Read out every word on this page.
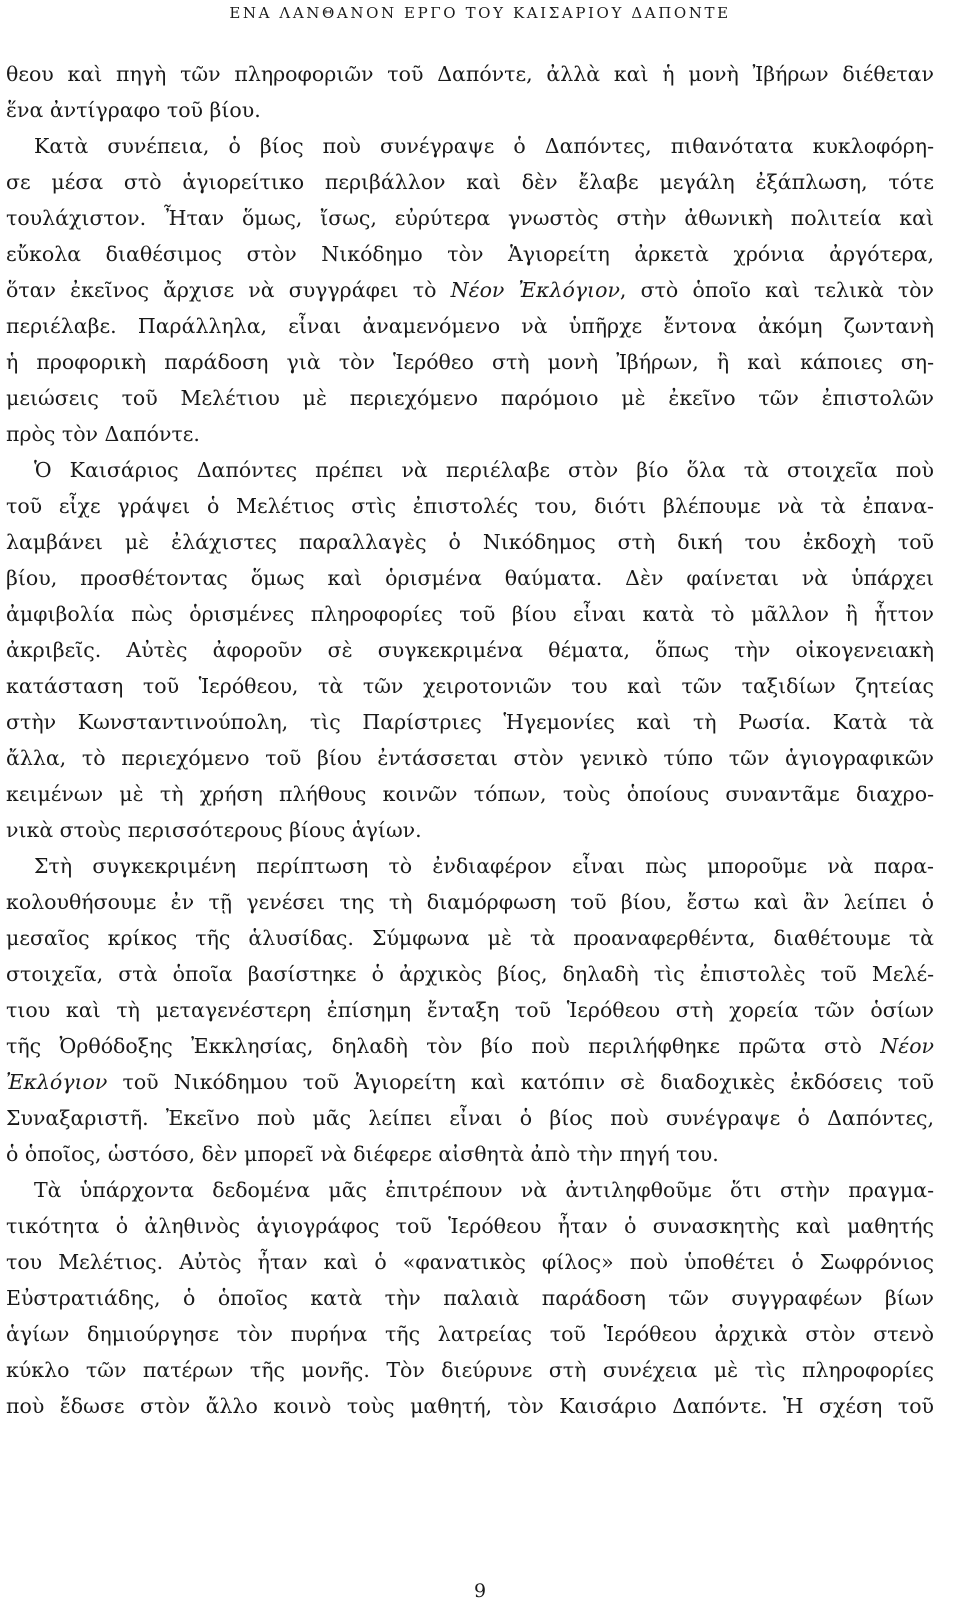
ΕΝΑ ΛΑΝΘΑΝΟΝ ΕΡΓΟ ΤΟΥ ΚΑΙΣΑΡΙΟΥ ΔΑΠΟΝΤΕ
θεου καὶ πηγὴ τῶν πληροφοριῶν τοῦ Δαπόντε, ἀλλὰ καὶ ἡ μονὴ Ἰβήρων διέθεταν
ἕνα ἀντίγραφο τοῦ βίου.
Κατὰ συνέπεια, ὁ βίος ποὺ συνέγραψε ὁ Δαπόντες, πιθανότατα κυκλοφόρη-
σε μέσα στὸ ἁγιορείτικο περιβάλλον καὶ δὲν ἔλαβε μεγάλη ἐξάπλωση, τότε
τουλάχιστον. Ἦταν ὅμως, ἴσως, εὐρύτερα γνωστὸς στὴν ἀθωνικὴ πολιτεία καὶ
εὔκολα διαθέσιμος στὸν Νικόδημο τὸν Ἁγιορείτη ἀρκετὰ χρόνια ἀργότερα,
ὅταν ἐκεῖνος ἄρχισε νὰ συγγράφει τὸ Νέον Ἐκλόγιον, στὸ ὁποῖο καὶ τελικὰ τὸν
περιέλαβε. Παράλληλα, εἶναι ἀναμενόμενο νὰ ὑπῆρχε ἔντονα ἀκόμη ζωντανὴ
ἡ προφορικὴ παράδοση γιὰ τὸν Ἱερόθεο στὴ μονὴ Ἰβήρων, ἢ καὶ κάποιες ση-
μειώσεις τοῦ Μελέτιου μὲ περιεχόμενο παρόμοιο μὲ ἐκεῖνο τῶν ἐπιστολῶν
πρὸς τὸν Δαπόντε.
Ὁ Καισάριος Δαπόντες πρέπει νὰ περιέλαβε στὸν βίο ὅλα τὰ στοιχεῖα ποὺ
τοῦ εἶχε γράψει ὁ Μελέτιος στὶς ἐπιστολές του, διότι βλέπουμε νὰ τὰ ἐπανα-
λαμβάνει μὲ ἐλάχιστες παραλλαγὲς ὁ Νικόδημος στὴ δική του ἐκδοχὴ τοῦ
βίου, προσθέτοντας ὅμως καὶ ὁρισμένα θαύματα. Δὲν φαίνεται νὰ ὑπάρχει
ἀμφιβολία πὼς ὁρισμένες πληροφορίες τοῦ βίου εἶναι κατὰ τὸ μᾶλλον ἢ ἧττον
ἀκριβεῖς. Αὐτὲς ἀφοροῦν σὲ συγκεκριμένα θέματα, ὅπως τὴν οἰκογενειακὴ
κατάσταση τοῦ Ἱερόθεου, τὰ τῶν χειροτονιῶν του καὶ τῶν ταξιδίων ζητείας
στὴν Κωνσταντινούπολη, τὶς Παρίστριες Ἡγεμονίες καὶ τὴ Ρωσία. Κατὰ τὰ
ἄλλα, τὸ περιεχόμενο τοῦ βίου ἐντάσσεται στὸν γενικὸ τύπο τῶν ἁγιογραφικῶν
κειμένων μὲ τὴ χρήση πλήθους κοινῶν τόπων, τοὺς ὁποίους συναντᾶμε διαχρο-
νικὰ στοὺς περισσότερους βίους ἁγίων.
Στὴ συγκεκριμένη περίπτωση τὸ ἐνδιαφέρον εἶναι πὼς μποροῦμε νὰ παρα-
κολουθήσουμε ἐν τῇ γενέσει της τὴ διαμόρφωση τοῦ βίου, ἔστω καὶ ἂν λείπει ὁ
μεσαῖος κρίκος τῆς ἁλυσίδας. Σύμφωνα μὲ τὰ προαναφερθέντα, διαθέτουμε τὰ
στοιχεῖα, στὰ ὁποῖα βασίστηκε ὁ ἀρχικὸς βίος, δηλαδὴ τὶς ἐπιστολὲς τοῦ Μελέ-
τιου καὶ τὴ μεταγενέστερη ἐπίσημη ἔνταξη τοῦ Ἱερόθεου στὴ χορεία τῶν ὁσίων
τῆς Ὀρθόδοξης Ἐκκλησίας, δηλαδὴ τὸν βίο ποὺ περιλήφθηκε πρῶτα στὸ Νέον
Ἐκλόγιον τοῦ Νικόδημου τοῦ Ἁγιορείτη καὶ κατόπιν σὲ διαδοχικὲς ἐκδόσεις τοῦ
Συναξαριστῆ. Ἐκεῖνο ποὺ μᾶς λείπει εἶναι ὁ βίος ποὺ συνέγραψε ὁ Δαπόντες,
ὁ ὁποῖος, ὡστόσο, δὲν μπορεῖ νὰ διέφερε αἰσθητὰ ἀπὸ τὴν πηγή του.
Τὰ ὑπάρχοντα δεδομένα μᾶς ἐπιτρέπουν νὰ ἀντιληφθοῦμε ὅτι στὴν πραγμα-
τικότητα ὁ ἀληθινὸς ἁγιογράφος τοῦ Ἱερόθεου ἦταν ὁ συνασκητὴς καὶ μαθητής
του Μελέτιος. Αὐτὸς ἦταν καὶ ὁ «φανατικὸς φίλος» ποὺ ὑποθέτει ὁ Σωφρόνιος
Εὐστρατιάδης, ὁ ὁποῖος κατὰ τὴν παλαιὰ παράδοση τῶν συγγραφέων βίων
ἁγίων δημιούργησε τὸν πυρήνα τῆς λατρείας τοῦ Ἱερόθεου ἀρχικὰ στὸν στενὸ
κύκλο τῶν πατέρων τῆς μονῆς. Τὸν διεύρυνε στὴ συνέχεια μὲ τὶς πληροφορίες
ποὺ ἔδωσε στὸν ἄλλο κοινὸ τοὺς μαθητή, τὸν Καισάριο Δαπόντε. Ἡ σχέση τοῦ
9
